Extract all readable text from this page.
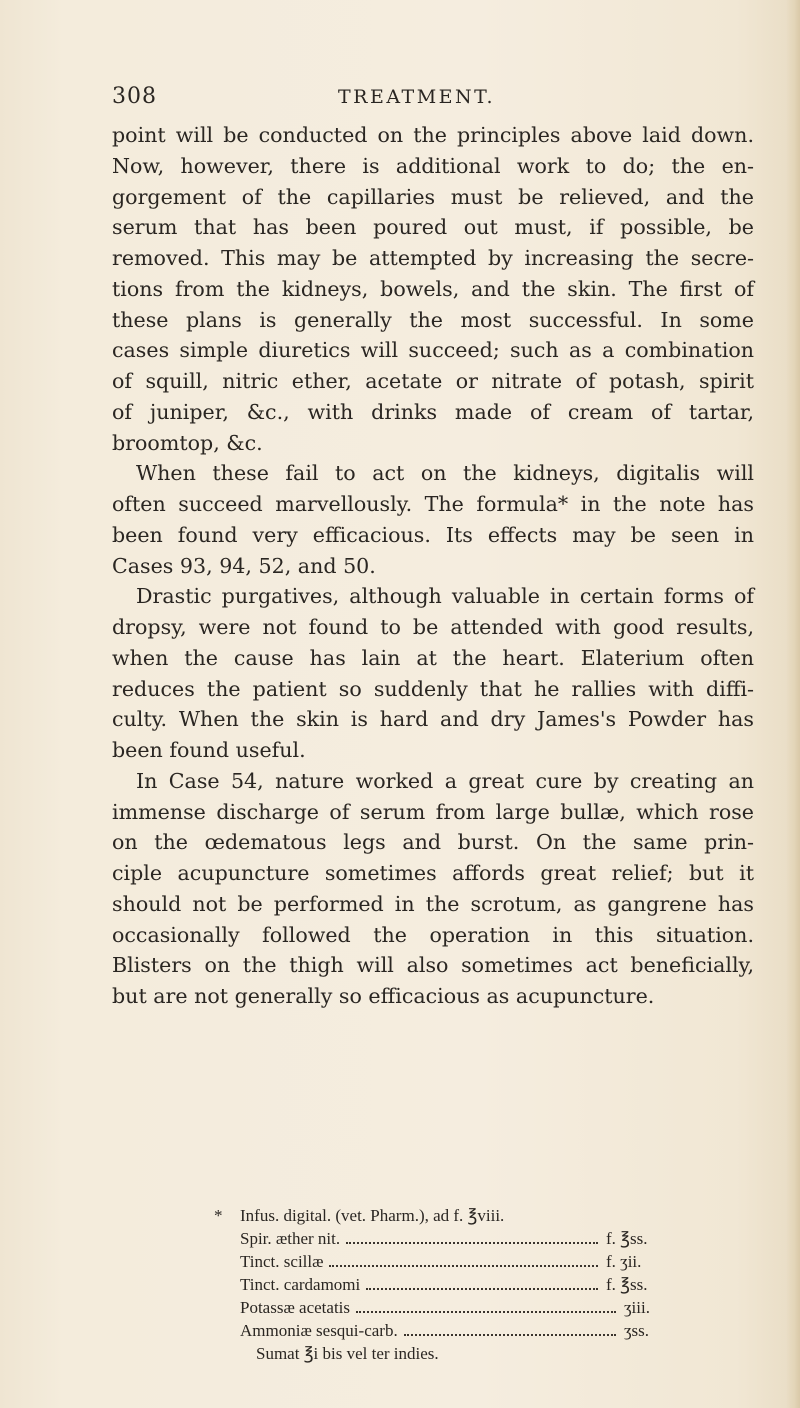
308	TREATMENT.
point will be conducted on the principles above laid down.
Now, however, there is additional work to do; the en-
gorgement of the capillaries must be relieved, and the
serum that has been poured out must, if possible, be
removed. This may be attempted by increasing the secre-
tions from the kidneys, bowels, and the skin. The first of
these plans is generally the most successful. In some
cases simple diuretics will succeed; such as a combination
of squill, nitric ether, acetate or nitrate of potash, spirit
of juniper, &c., with drinks made of cream of tartar,
broomtop, &c.
When these fail to act on the kidneys, digitalis will
often succeed marvellously. The formula* in the note has
been found very efficacious. Its effects may be seen in
Cases 93, 94, 52, and 50.
Drastic purgatives, although valuable in certain forms of
dropsy, were not found to be attended with good results,
when the cause has lain at the heart. Elaterium often
reduces the patient so suddenly that he rallies with diffi-
culty. When the skin is hard and dry James's Powder has
been found useful.
In Case 54, nature worked a great cure by creating an
immense discharge of serum from large bullæ, which rose
on the œdematous legs and burst. On the same prin-
ciple acupuncture sometimes affords great relief; but it
should not be performed in the scrotum, as gangrene has
occasionally followed the operation in this situation.
Blisters on the thigh will also sometimes act beneficially,
but are not generally so efficacious as acupuncture.
* Infus. digital. (vet. Pharm.), ad f. ℥viii.
Spir. æther nit.	f. ℥ss.
Tinct. scillæ	f. ʒii.
Tinct. cardamomi	f. ℥ss.
Potassæ acetatis	ʒiii.
Ammoniæ sesqui-carb.	ʒss.
Sumat ℥i bis vel ter indies.
